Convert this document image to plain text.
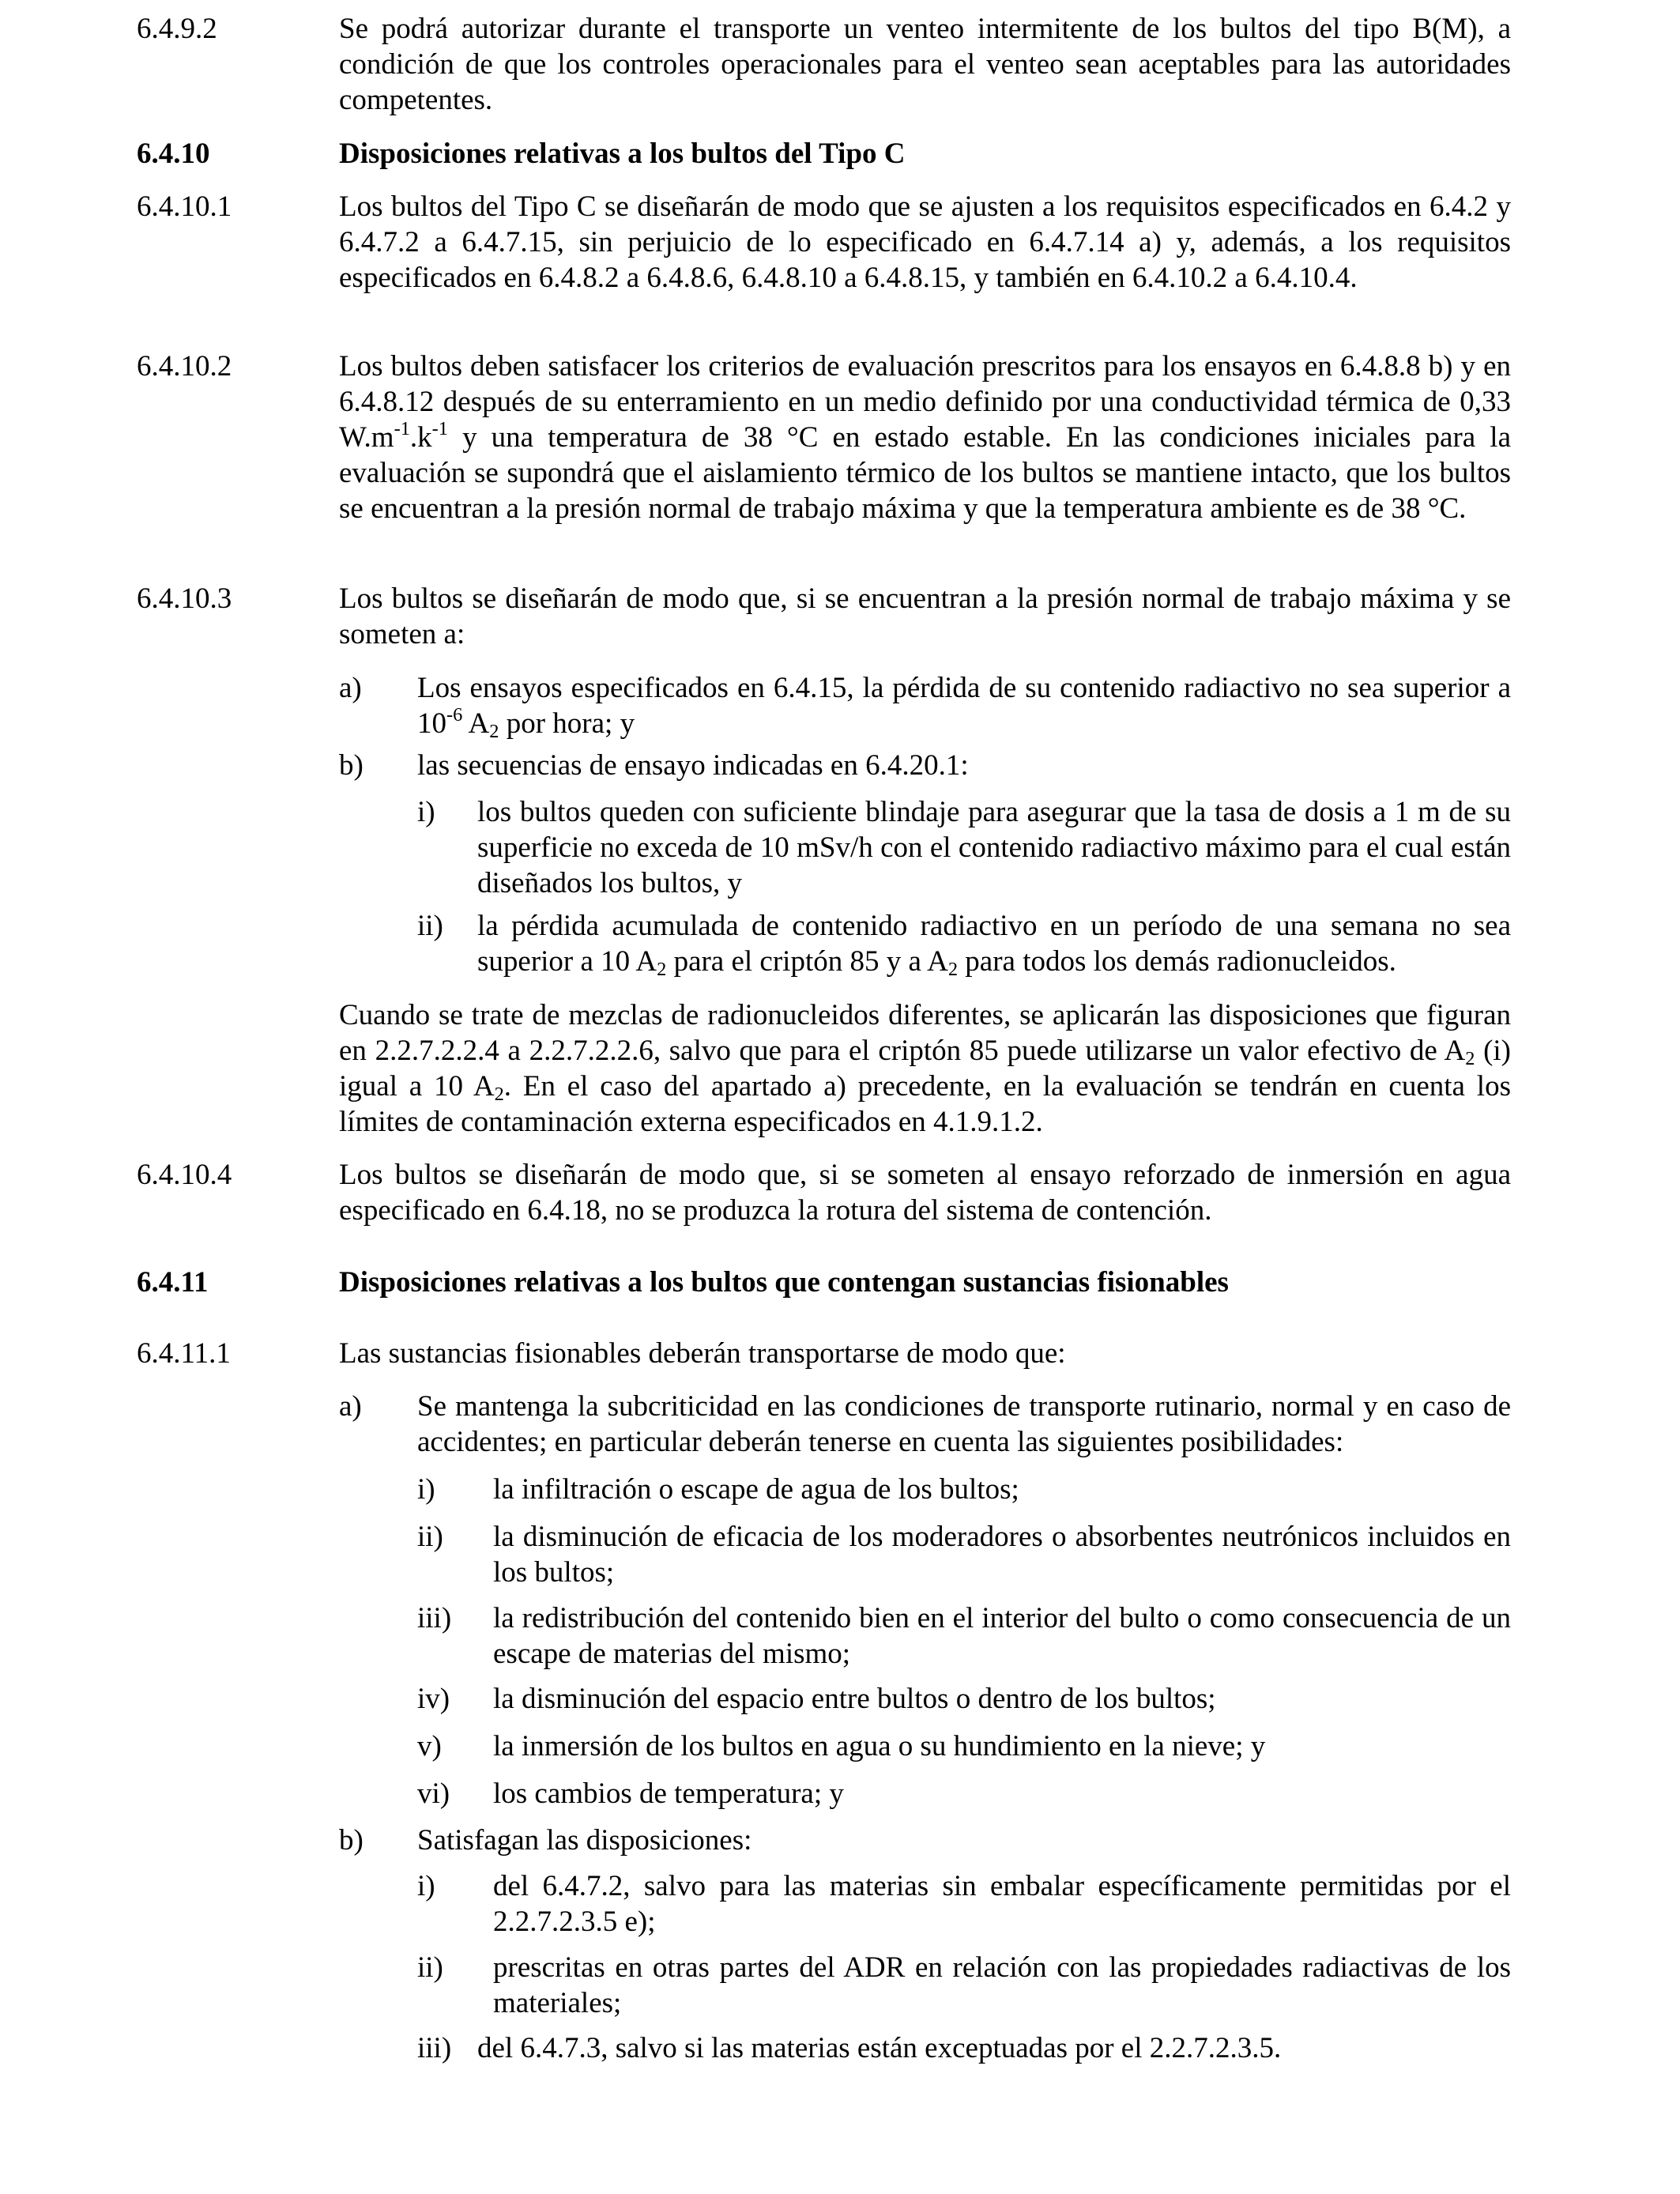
6.4.9.2	Se podrá autorizar durante el transporte un venteo intermitente de los bultos del tipo B(M), a condición de que los controles operacionales para el venteo sean aceptables para las autoridades competentes.

6.4.10	Disposiciones relativas a los bultos del Tipo C

6.4.10.1	Los bultos del Tipo C se diseñarán de modo que se ajusten a los requisitos especificados en 6.4.2 y 6.4.7.2 a 6.4.7.15, sin perjuicio de lo especificado en 6.4.7.14 a) y, además, a los requisitos especificados en 6.4.8.2 a 6.4.8.6, 6.4.8.10 a 6.4.8.15, y también en 6.4.10.2 a 6.4.10.4.

6.4.10.2	Los bultos deben satisfacer los criterios de evaluación prescritos para los ensayos en 6.4.8.8 b) y en 6.4.8.12 después de su enterramiento en un medio definido por una conductividad térmica de 0,33 $W.m^{-1}.k^{-1}$ y una temperatura de 38 °C en estado estable. En las condiciones iniciales para la evaluación se supondrá que el aislamiento térmico de los bultos se mantiene intacto, que los bultos se encuentran a la presión normal de trabajo máxima y que la temperatura ambiente es de 38 °C.

6.4.10.3	Los bultos se diseñarán de modo que, si se encuentran a la presión normal de trabajo máxima y se someten a:

a) Los ensayos especificados en 6.4.15, la pérdida de su contenido radiactivo no sea superior a $10^{-6}$ $A_2$ por hora; y

b) las secuencias de ensayo indicadas en 6.4.20.1:

i) los bultos queden con suficiente blindaje para asegurar que la tasa de dosis a 1 m de su superficie no exceda de 10 mSv/h con el contenido radiactivo máximo para el cual están diseñados los bultos, y

ii) la pérdida acumulada de contenido radiactivo en un período de una semana no sea superior a 10 $A_2$ para el criptón 85 y a $A_2$ para todos los demás radionucleidos.

Cuando se trate de mezclas de radionucleidos diferentes, se aplicarán las disposiciones que figuran en 2.2.7.2.2.4 a 2.2.7.2.2.6, salvo que para el criptón 85 puede utilizarse un valor efectivo de $A_2$ (i) igual a 10 $A_2$. En el caso del apartado a) precedente, en la evaluación se tendrán en cuenta los límites de contaminación externa especificados en 4.1.9.1.2.

6.4.10.4	Los bultos se diseñarán de modo que, si se someten al ensayo reforzado de inmersión en agua especificado en 6.4.18, no se produzca la rotura del sistema de contención.

6.4.11	Disposiciones relativas a los bultos que contengan sustancias fisionables

6.4.11.1	Las sustancias fisionables deberán transportarse de modo que:

a) Se mantenga la subcriticidad en las condiciones de transporte rutinario, normal y en caso de accidentes; en particular deberán tenerse en cuenta las siguientes posibilidades:

i) la infiltración o escape de agua de los bultos;

ii) la disminución de eficacia de los moderadores o absorbentes neutrónicos incluidos en los bultos;

iii) la redistribución del contenido bien en el interior del bulto o como consecuencia de un escape de materias del mismo;

iv) la disminución del espacio entre bultos o dentro de los bultos;

v) la inmersión de los bultos en agua o su hundimiento en la nieve; y

vi) los cambios de temperatura; y

b) Satisfagan las disposiciones:

i) del 6.4.7.2, salvo para las materias sin embalar específicamente permitidas por el 2.2.7.2.3.5 e);

ii) prescritas en otras partes del ADR en relación con las propiedades radiactivas de los materiales;

iii) del 6.4.7.3, salvo si las materias están exceptuadas por el 2.2.7.2.3.5.
